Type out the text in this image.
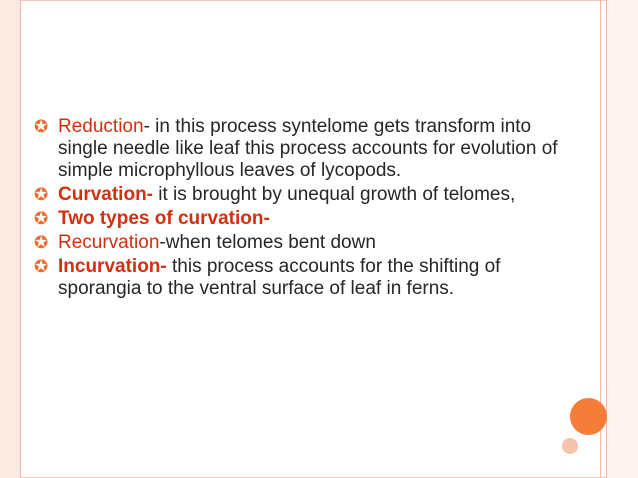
✪ Reduction- in this process syntelome gets transform into single needle like leaf this process accounts for evolution of simple microphyllous leaves of lycopods.
✪ Curvation- it is brought by unequal growth of telomes,
✪ Two types of curvation-
✪ Recurvation-when telomes bent down
✪ Incurvation- this process accounts for the shifting of sporangia to the ventral surface of leaf in ferns.
